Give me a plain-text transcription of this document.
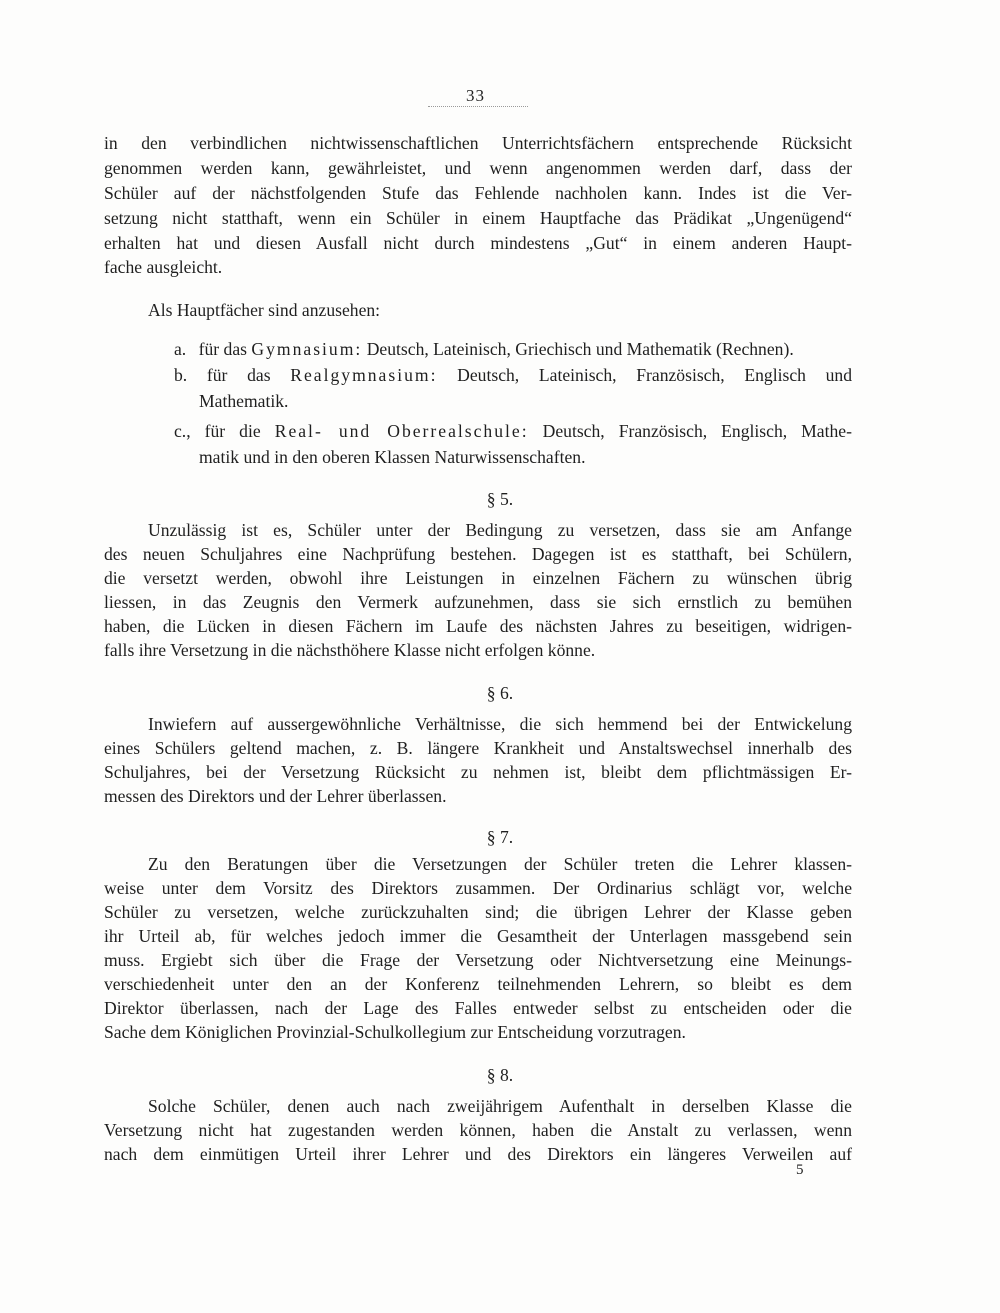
33
in den verbindlichen nichtwissenschaftlichen Unterrichtsfächern entsprechende Rücksicht
genommen werden kann, gewährleistet, und wenn angenommen werden darf, dass der
Schüler auf der nächstfolgenden Stufe das Fehlende nachholen kann. Indes ist die Ver-
setzung nicht statthaft, wenn ein Schüler in einem Hauptfache das Prädikat „Ungenügend“
erhalten hat und diesen Ausfall nicht durch mindestens „Gut“ in einem anderen Haupt-
fache ausgleicht.
Als Hauptfächer sind anzusehen:
a. für das Gymnasium: Deutsch, Lateinisch, Griechisch und Mathematik (Rechnen).
b. für das Realgymnasium: Deutsch, Lateinisch, Französisch, Englisch und
Mathematik.
c., für die Real- und Oberrealschule: Deutsch, Französisch, Englisch, Mathe-
matik und in den oberen Klassen Naturwissenschaften.
§ 5.
Unzulässig ist es, Schüler unter der Bedingung zu versetzen, dass sie am Anfange
des neuen Schuljahres eine Nachprüfung bestehen. Dagegen ist es statthaft, bei Schülern,
die versetzt werden, obwohl ihre Leistungen in einzelnen Fächern zu wünschen übrig
liessen, in das Zeugnis den Vermerk aufzunehmen, dass sie sich ernstlich zu bemühen
haben, die Lücken in diesen Fächern im Laufe des nächsten Jahres zu beseitigen, widrigen-
falls ihre Versetzung in die nächsthöhere Klasse nicht erfolgen könne.
§ 6.
Inwiefern auf aussergewöhnliche Verhältnisse, die sich hemmend bei der Entwickelung
eines Schülers geltend machen, z. B. längere Krankheit und Anstaltswechsel innerhalb des
Schuljahres, bei der Versetzung Rücksicht zu nehmen ist, bleibt dem pflichtmässigen Er-
messen des Direktors und der Lehrer überlassen.
§ 7.
Zu den Beratungen über die Versetzungen der Schüler treten die Lehrer klassen-
weise unter dem Vorsitz des Direktors zusammen. Der Ordinarius schlägt vor, welche
Schüler zu versetzen, welche zurückzuhalten sind; die übrigen Lehrer der Klasse geben
ihr Urteil ab, für welches jedoch immer die Gesamtheit der Unterlagen massgebend sein
muss. Ergiebt sich über die Frage der Versetzung oder Nichtversetzung eine Meinungs-
verschiedenheit unter den an der Konferenz teilnehmenden Lehrern, so bleibt es dem
Direktor überlassen, nach der Lage des Falles entweder selbst zu entscheiden oder die
Sache dem Königlichen Provinzial-Schulkollegium zur Entscheidung vorzutragen.
§ 8.
Solche Schüler, denen auch nach zweijährigem Aufenthalt in derselben Klasse die
Versetzung nicht hat zugestanden werden können, haben die Anstalt zu verlassen, wenn
nach dem einmütigen Urteil ihrer Lehrer und des Direktors ein längeres Verweilen auf
5
